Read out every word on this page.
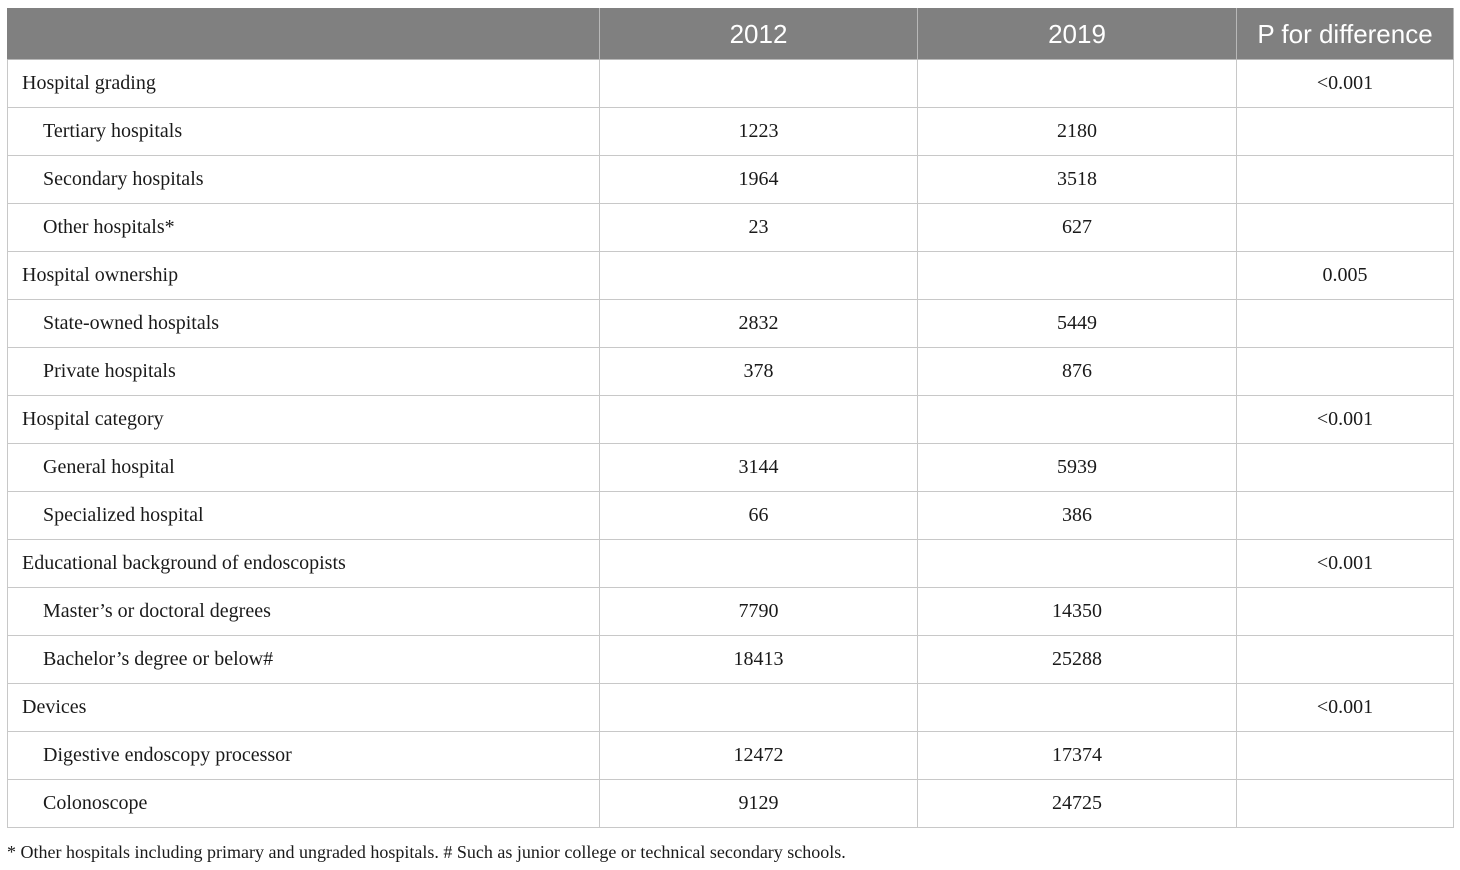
	2012	2019	P for difference
Hospital grading			<0.001
Tertiary hospitals	1223	2180	
Secondary hospitals	1964	3518	
Other hospitals*	23	627	
Hospital ownership			0.005
State-owned hospitals	2832	5449	
Private hospitals	378	876	
Hospital category			<0.001
General hospital	3144	5939	
Specialized hospital	66	386	
Educational background of endoscopists			<0.001
Master’s or doctoral degrees	7790	14350	
Bachelor’s degree or below#	18413	25288	
Devices			<0.001
Digestive endoscopy processor	12472	17374	
Colonoscope	9129	24725	
* Other hospitals including primary and ungraded hospitals. # Such as junior college or technical secondary schools.
